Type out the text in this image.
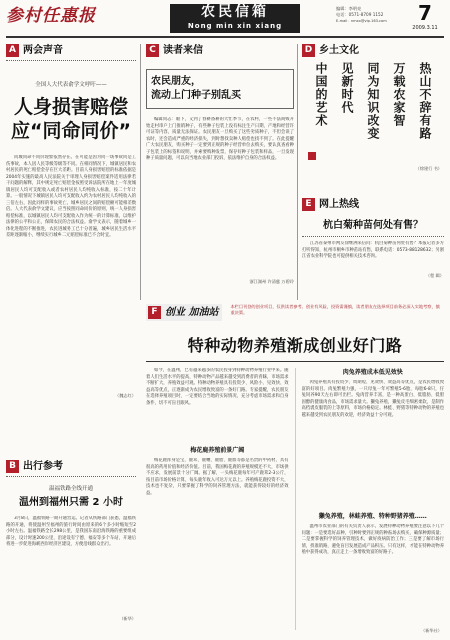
参村任惠报	农民信箱
Nong min xin xiang
编辑：李明亮
电话：0571-8709 1152
E-mail：nmxx@vip.163.com	7
2009.3.11
A 两会声音
全国人大代表俞学文呼吁——
人身损害赔偿
应“同命同价”
同城同命不同价现象依然存在。在可能是因为同一场事故同是工伤事故，本人因人民等级等级等不同。在相同情况下，城镇居民和农村居民的死亡赔偿金存在巨大差距。目前人身损害赔偿的标准依据是2004年实施的最高人民法院关于审理人身损害赔偿案件适用法律若干问题的解释，其中规定死亡赔偿金按照受诉法院所在地上一年度城镇居民人均可支配收入或者农村居民人均纯收入标准，按二十年计算。一般情况下城镇居民人均可支配收入约为农村居民人均纯收入的三倍左右，因此同样的事故死亡，城乡居民之间的赔偿额可能相差数倍。人大代表俞学文建议，应当按照同命同价的原则，统一人身损害赔偿标准，以城镇居民人均可支配收入作为统一的计算标准，以维护法律的公平和公正，保障农民的合法权益。俞学文表示，随着城乡一体化进程的不断推进，农民进城务工已十分普遍，城乡居民生活水平差距逐渐缩小，继续实行城乡二元赔偿标准已不合时宜。
（魏志红）
B 出行参考
温福铁路全线开通
温州到福州只需 2 小时
3月8日，温福铁路一期开通营运。记者从铁路部门获悉，温福铁路的开通，将使温州至福州的旅行时间由原来的6个多小时缩短至2小时左右。温福铁路全长298公里，是我国东南沿海铁路的重要组成部分，设计时速200公里，沿途设有宁德、福安等多个车站，开通后将进一步促进海峡西岸经济区建设，方便沿线群众出行。
（新华）
C 读者来信
农民朋友，
流动上门种子别乱买
编辑同志：眼下，又到了春耕备耕的大忙季节，在农村，一些不法商贩开始走村串户上门推销种子，有些种子包装上没有标注生产日期、产地和经营许可证等内容，质量无法保证。农民朋友一旦购买了这些劣质种子，不但会误了农时，还会造成严重的经济损失，到时想找卖种人赔偿也找不到了。在此提醒广大农民朋友，购买种子一定要到正规的种子经营单位去购买，要认真查看种子包装上的标签和说明，并索要购种发票，保存好种子包装和样品，一旦发现种子质量问题，可以向当地农业部门投诉，依法维护自身的合法权益。
浙江湖州 许清慈 万碧玲
D 乡土文化
热山不辞有路
万载农家智
同为知识改变
见新时代
中国的艺术
（徐建行 书）
E 网上热线
杭白菊种苗何处有售？
江苏省泰州市网友徐继洲来信问：杭白菊种苗何处有售？本报记者多方打听得知，杭州市桐乡市种苗站有售，联系电话：0573-88128632；另浙江省农业科学院也可提供相关技术咨询。
（程 辑）
F 创业 加油站
本栏目刊登的创业项目，仅供读者参考。创业有风险，投资需谨慎，读者朋友在选择项目前务必深入实地考察，慎重决策。
特种动物养殖渐成创业好门路
如今，在温州，已有越来越多的农民投身到特种动物养殖行业中来。随着人们生活水平的提高，特种动物产品越来越受到消费者的青睐，市场需求不断扩大，养殖效益可观。特种动物养殖具有投资少、风险小、见效快、效益高等优点，正逐渐成为农民增收致富的一条好门路。专家提醒，农民朋友在选择养殖项目时，一定要结合当地的实际情况，充分考虑市场需求和自身条件，切不可盲目跟风。
梅花鹿养殖前景广阔
梅花鹿浑身是宝，鹿茸、鹿鞭、鹿胎、鹿血等都是名贵的中药材，具有很高的药用价值和经济价值。目前，我国梅花鹿的养殖规模还不大，市场供不应求，发展前景十分广阔。据了解，一头梅花鹿每年可产鹿茸2-3公斤，按目前市场价格计算，每头鹿年收入可达万元以上。养殖梅花鹿投资不大，技术也不复杂，只要掌握了科学的饲养管理方法，就能获得较好的经济效益。
肉兔养殖成本低见效快
肉兔养殖具有投资少、周期短、见效快、效益高等优点，是农民增收致富的好项目。肉兔繁殖力强，一只母兔一年可繁殖5-6胎，每胎6-8只，仔兔饲养90天左右即可出栏。兔肉营养丰富，是一种高蛋白、低脂肪、低胆固醇的健康肉食品，市场需求量大。獭兔养殖，獭兔皮毛细密柔软，是制作高档裘皮服装的上等原料，市场价格稳定。林蛙、野猪等特种动物的养殖也越来越受到农民朋友的欢迎，经济效益十分可观。
獭兔养殖，林蛙养殖、特种野猪养殖……
温州市农业部门的有关负责人表示，发展特种动物养殖要注意以下几个问题：一是要选好品种，引种时要到正规的种畜场去购买，确保种源质量；二是要掌握科学的饲养管理技术，做好疫病防治工作；三是要了解市场行情，找准销路，避免盲目发展造成产品积压。只有这样，才能在特种动物养殖中获得成功，真正走上一条增收致富的好路子。
（新华社）
